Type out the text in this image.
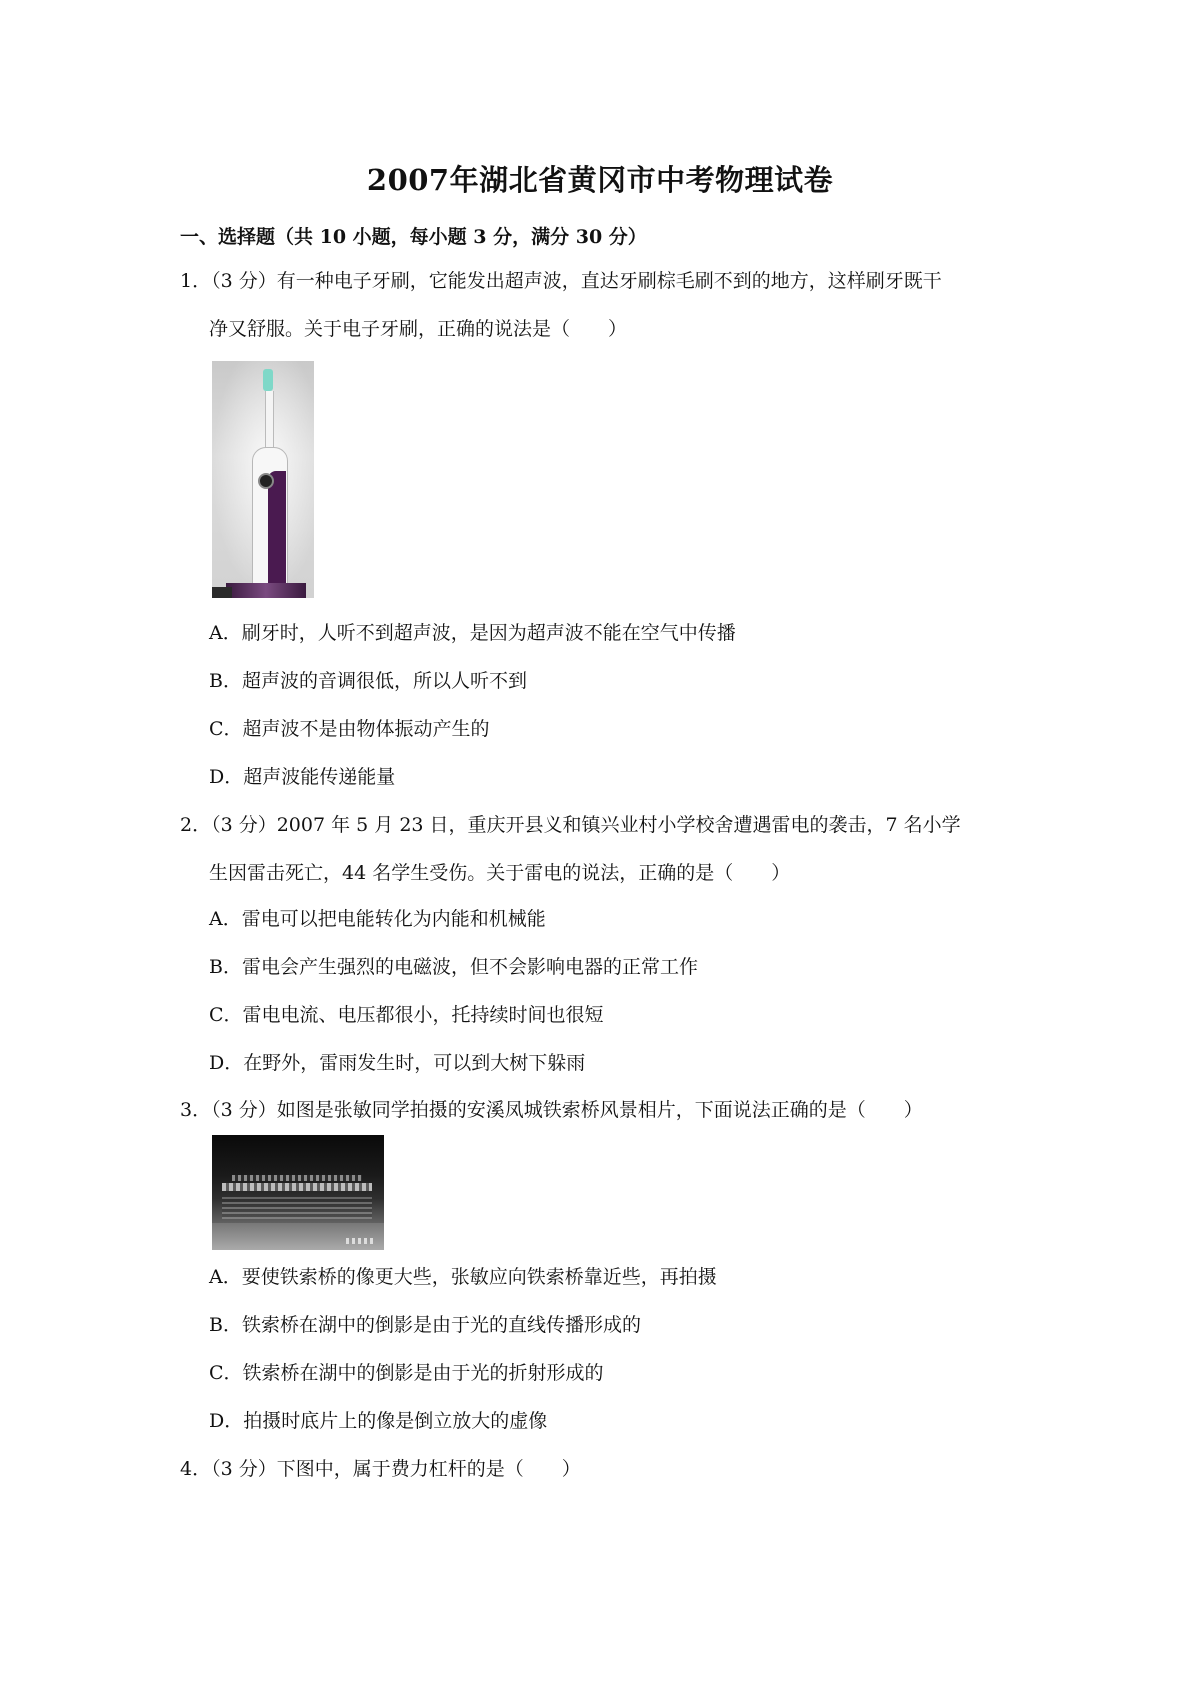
2007年湖北省黄冈市中考物理试卷
一、选择题（共 10 小题，每小题 3 分，满分 30 分）
1．（3 分）有一种电子牙刷，它能发出超声波，直达牙刷棕毛刷不到的地方，这样刷牙既干
净又舒服。关于电子牙刷，正确的说法是（　　）
A．刷牙时，人听不到超声波，是因为超声波不能在空气中传播
B．超声波的音调很低，所以人听不到
C．超声波不是由物体振动产生的
D．超声波能传递能量
2．（3 分）2007 年 5 月 23 日，重庆开县义和镇兴业村小学校舍遭遇雷电的袭击，7 名小学
生因雷击死亡，44 名学生受伤。关于雷电的说法，正确的是（　　）
A．雷电可以把电能转化为内能和机械能
B．雷电会产生强烈的电磁波，但不会影响电器的正常工作
C．雷电电流、电压都很小，托持续时间也很短
D．在野外，雷雨发生时，可以到大树下躲雨
3．（3 分）如图是张敏同学拍摄的安溪凤城铁索桥风景相片，下面说法正确的是（　　）
A．要使铁索桥的像更大些，张敏应向铁索桥靠近些，再拍摄
B．铁索桥在湖中的倒影是由于光的直线传播形成的
C．铁索桥在湖中的倒影是由于光的折射形成的
D．拍摄时底片上的像是倒立放大的虚像
4．（3 分）下图中，属于费力杠杆的是（　　）
